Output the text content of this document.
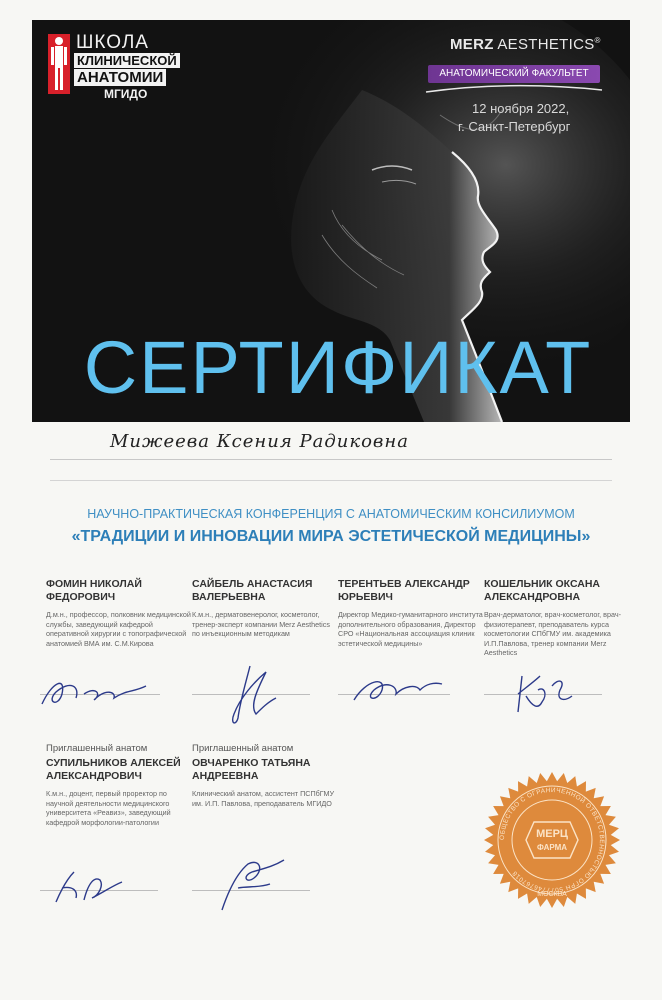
ШКОЛА
КЛИНИЧЕСКОЙ
АНАТОМИИ
МГИДО
MERZ AESTHETICS®
АНАТОМИЧЕСКИЙ ФАКУЛЬТЕТ
12 ноября 2022,
г. Санкт-Петербург
СЕРТИФИКАТ
Мижеева Ксения Радиковна
НАУЧНО-ПРАКТИЧЕСКАЯ КОНФЕРЕНЦИЯ С АНАТОМИЧЕСКИМ КОНСИЛИУМОМ
«ТРАДИЦИИ И ИННОВАЦИИ МИРА ЭСТЕТИЧЕСКОЙ МЕДИЦИНЫ»
ФОМИН НИКОЛАЙ ФЕДОРОВИЧ
Д.м.н., профессор, полковник медицинской службы, заведующий кафедрой оперативной хирургии с топографической анатомией ВМА им. С.М.Кирова
САЙБЕЛЬ АНАСТАСИЯ ВАЛЕРЬЕВНА
К.м.н., дерматовенеролог, косметолог, тренер-эксперт компании Merz Aesthetics по инъекционным методикам
ТЕРЕНТЬЕВ АЛЕКСАНДР ЮРЬЕВИЧ
Директор Медико-гуманитарного института дополнительного образования, Директор СРО «Национальная ассоциация клиник эстетической медицины»
КОШЕЛЬНИК ОКСАНА АЛЕКСАНДРОВНА
Врач-дерматолог, врач-косметолог, врач-физиотерапевт, преподаватель курса косметологии СПбГМУ им. академика И.П.Павлова, тренер компании Merz Aesthetics
Приглашенный анатом
СУПИЛЬНИКОВ АЛЕКСЕЙ АЛЕКСАНДРОВИЧ
К.м.н., доцент, первый проректор по научной деятельности медицинского университета «Реавиз», заведующий кафедрой морфологии-патологии
Приглашенный анатом
ОВЧАРЕНКО ТАТЬЯНА АНДРЕЕВНА
Клинический анатом, ассистент ПСПбГМУ им. И.П. Павлова, преподаватель МГИДО
ОБЩЕСТВО С ОГРАНИЧЕННОЙ ОТВЕТСТВЕННОСТЬЮ ОГРН 5077746767018
МОСКВА
МЕРЦ
ФАРМА
